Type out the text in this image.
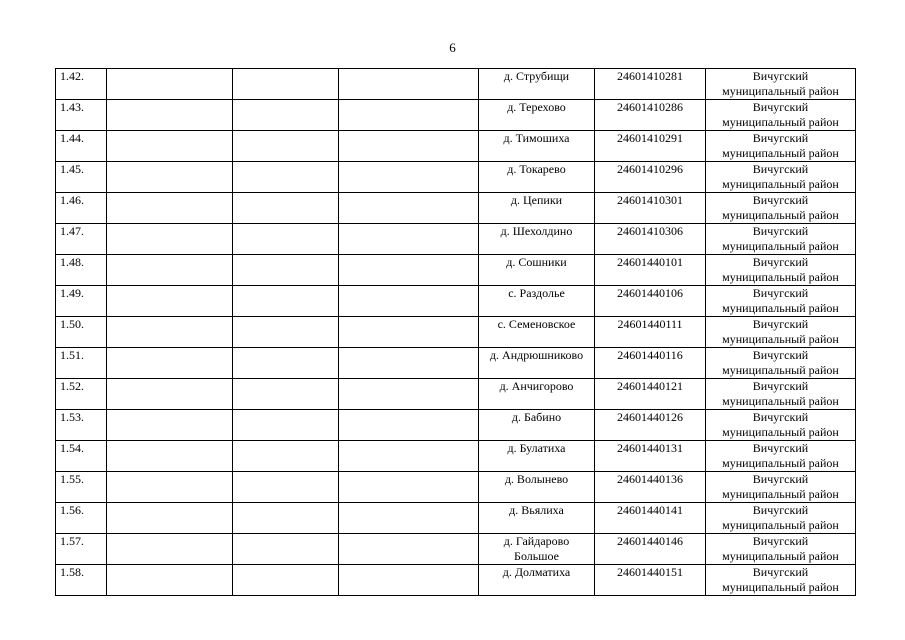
6
1.42.				д. Струбищи	24601410281	Вичугский муниципальный район
1.43.				д. Терехово	24601410286	Вичугский муниципальный район
1.44.				д. Тимошиха	24601410291	Вичугский муниципальный район
1.45.				д. Токарево	24601410296	Вичугский муниципальный район
1.46.				д. Цепики	24601410301	Вичугский муниципальный район
1.47.				д. Шехолдино	24601410306	Вичугский муниципальный район
1.48.				д. Сошники	24601440101	Вичугский муниципальный район
1.49.				с. Раздолье	24601440106	Вичугский муниципальный район
1.50.				с. Семеновское	24601440111	Вичугский муниципальный район
1.51.				д. Андрюшниково	24601440116	Вичугский муниципальный район
1.52.				д. Анчигорово	24601440121	Вичугский муниципальный район
1.53.				д. Бабино	24601440126	Вичугский муниципальный район
1.54.				д. Булатиха	24601440131	Вичугский муниципальный район
1.55.				д. Волынево	24601440136	Вичугский муниципальный район
1.56.				д. Вьялиха	24601440141	Вичугский муниципальный район
1.57.				д. Гайдарово Большое	24601440146	Вичугский муниципальный район
1.58.				д. Долматиха	24601440151	Вичугский муниципальный район
